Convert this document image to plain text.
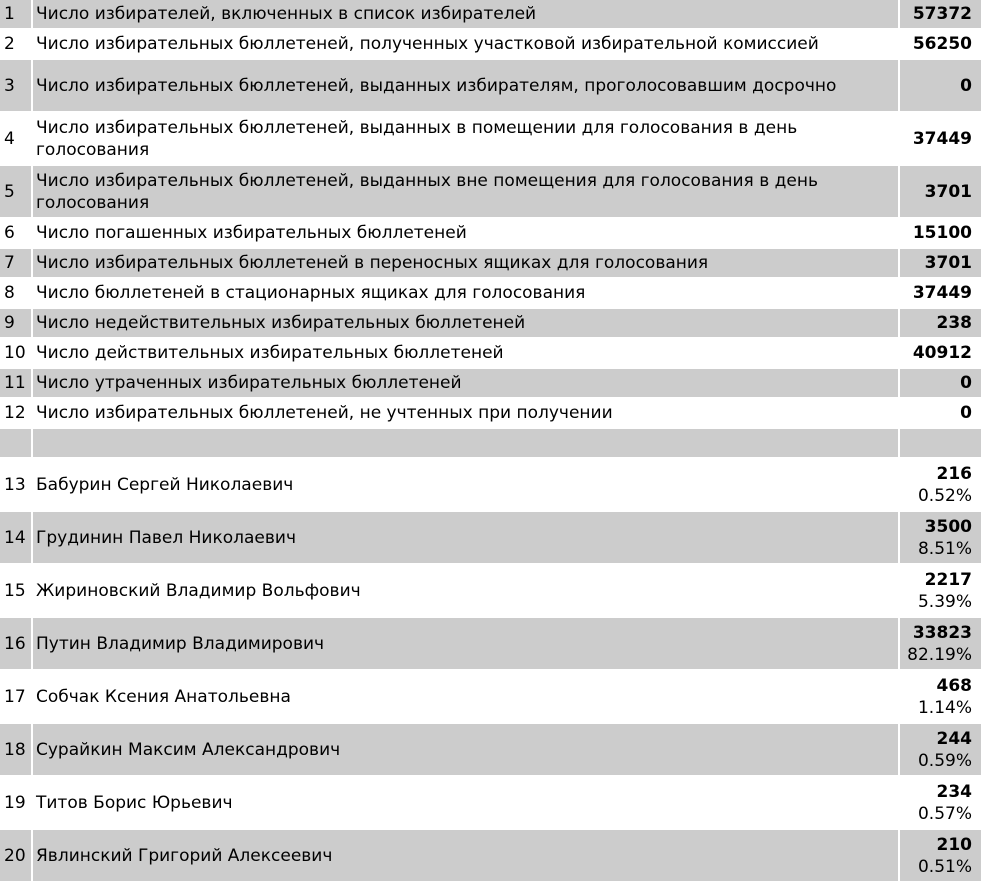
1	Число избирателей, включенных в список избирателей	57372
2	Число избирательных бюллетеней, полученных участковой избирательной комиссией	56250
3	Число избирательных бюллетеней, выданных избирателям, проголосовавшим досрочно	0
4	Число избирательных бюллетеней, выданных в помещении для голосования в день голосования	37449
5	Число избирательных бюллетеней, выданных вне помещения для голосования в день голосования	3701
6	Число погашенных избирательных бюллетеней	15100
7	Число избирательных бюллетеней в переносных ящиках для голосования	3701
8	Число бюллетеней в стационарных ящиках для голосования	37449
9	Число недействительных избирательных бюллетеней	238
10	Число действительных избирательных бюллетеней	40912
11	Число утраченных избирательных бюллетеней	0
12	Число избирательных бюллетеней, не учтенных при получении	0

13	Бабурин Сергей Николаевич	216
0.52%

14	Грудинин Павел Николаевич	3500
8.51%

15	Жириновский Владимир Вольфович	2217
5.39%

16	Путин Владимир Владимирович	33823
82.19%

17	Собчак Ксения Анатольевна	468
1.14%

18	Сурайкин Максим Александрович	244
0.59%

19	Титов Борис Юрьевич	234
0.57%

20	Явлинский Григорий Алексеевич	210
0.51%
